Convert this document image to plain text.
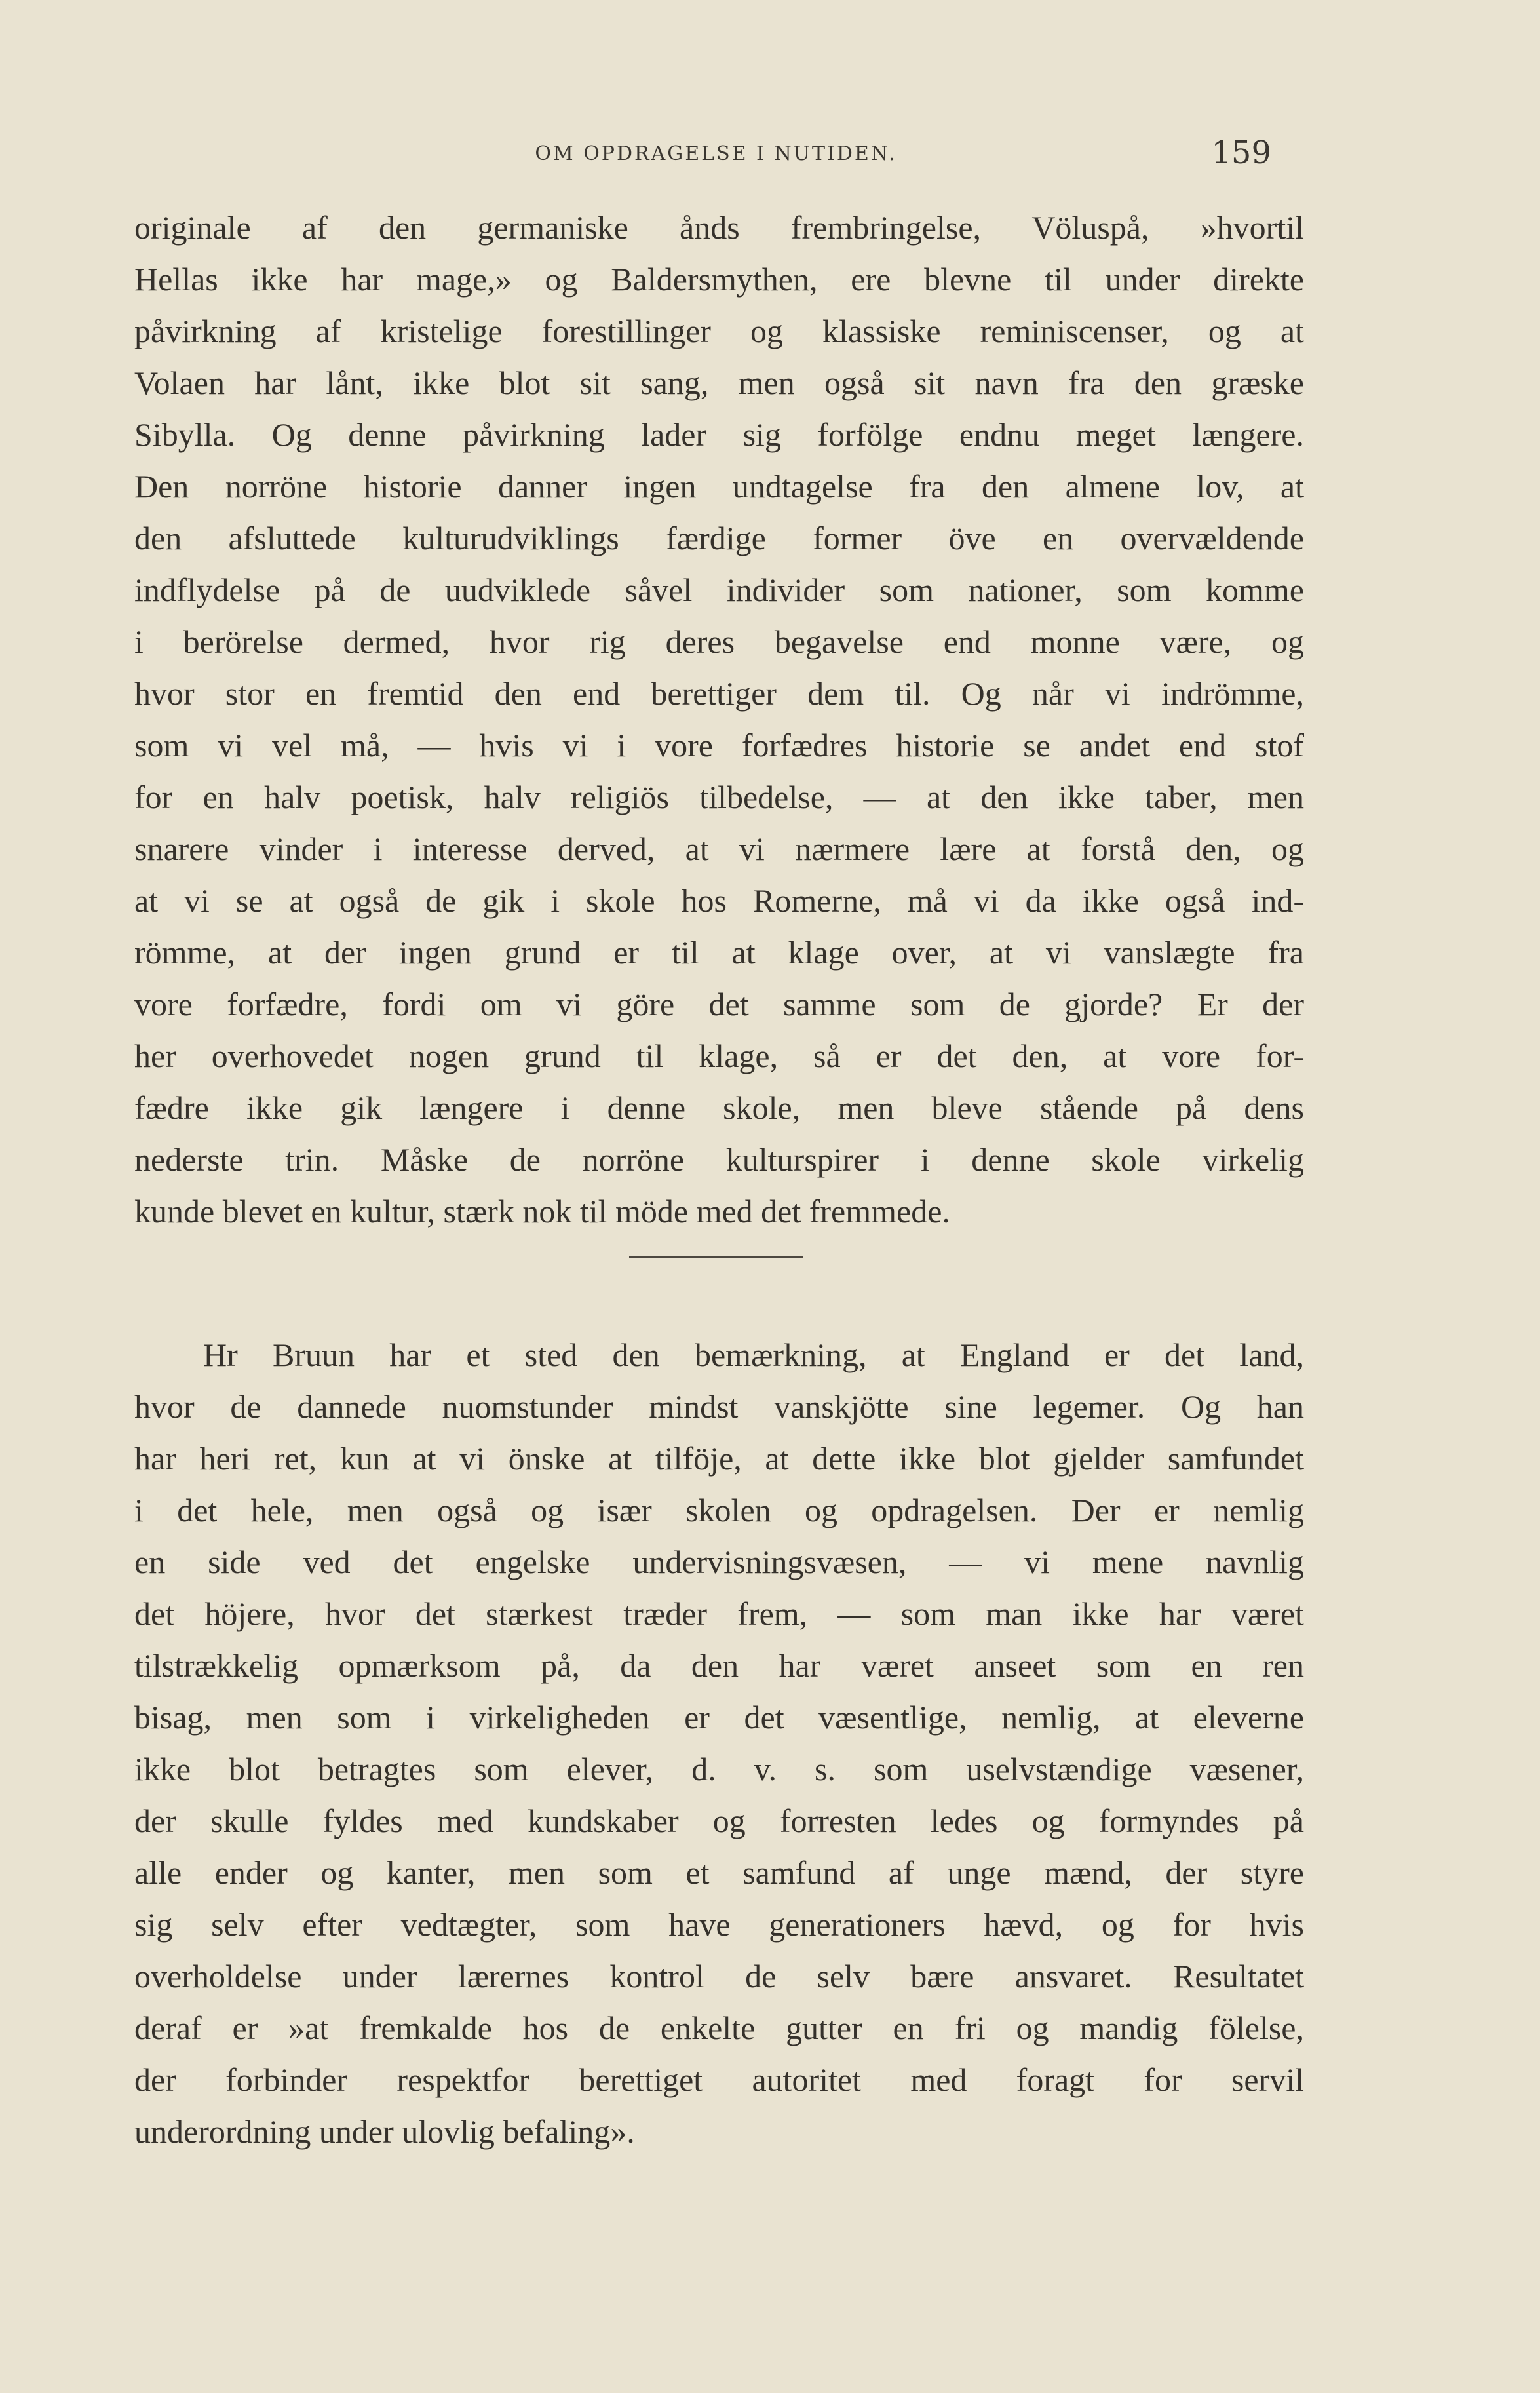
OM OPDRAGELSE I NUTIDEN.	159
originale af den germaniske ånds frembringelse, Völuspå, »hvortil
Hellas ikke har mage,» og Baldersmythen, ere blevne til under direkte
påvirkning af kristelige forestillinger og klassiske reminiscenser, og at
Volaen har lånt, ikke blot sit sang, men også sit navn fra den græske
Sibylla. Og denne påvirkning lader sig forfölge endnu meget længere.
Den norröne historie danner ingen undtagelse fra den almene lov, at
den afsluttede kulturudviklings færdige former öve en overvældende
indflydelse på de uudviklede såvel individer som nationer, som komme
i berörelse dermed, hvor rig deres begavelse end monne være, og
hvor stor en fremtid den end berettiger dem til. Og når vi indrömme,
som vi vel må, — hvis vi i vore forfædres historie se andet end stof
for en halv poetisk, halv religiös tilbedelse, — at den ikke taber, men
snarere vinder i interesse derved, at vi nærmere lære at forstå den, og
at vi se at også de gik i skole hos Romerne, må vi da ikke også ind-
römme, at der ingen grund er til at klage over, at vi vanslægte fra
vore forfædre, fordi om vi göre det samme som de gjorde? Er der
her overhovedet nogen grund til klage, så er det den, at vore for-
fædre ikke gik længere i denne skole, men bleve stående på dens
nederste trin. Måske de norröne kulturspirer i denne skole virkelig
kunde blevet en kultur, stærk nok til möde med det fremmede.
Hr Bruun har et sted den bemærkning, at England er det land,
hvor de dannede nuomstunder mindst vanskjötte sine legemer. Og han
har heri ret, kun at vi önske at tilföje, at dette ikke blot gjelder samfundet
i det hele, men også og især skolen og opdragelsen. Der er nemlig
en side ved det engelske undervisningsvæsen, — vi mene navnlig
det höjere, hvor det stærkest træder frem, — som man ikke har været
tilstrækkelig opmærksom på, da den har været anseet som en ren
bisag, men som i virkeligheden er det væsentlige, nemlig, at eleverne
ikke blot betragtes som elever, d. v. s. som uselvstændige væsener,
der skulle fyldes med kundskaber og forresten ledes og formyndes på
alle ender og kanter, men som et samfund af unge mænd, der styre
sig selv efter vedtægter, som have generationers hævd, og for hvis
overholdelse under lærernes kontrol de selv bære ansvaret. Resultatet
deraf er »at fremkalde hos de enkelte gutter en fri og mandig fölelse,
der forbinder respektfor berettiget autoritet med foragt for servil
underordning under ulovlig befaling».
